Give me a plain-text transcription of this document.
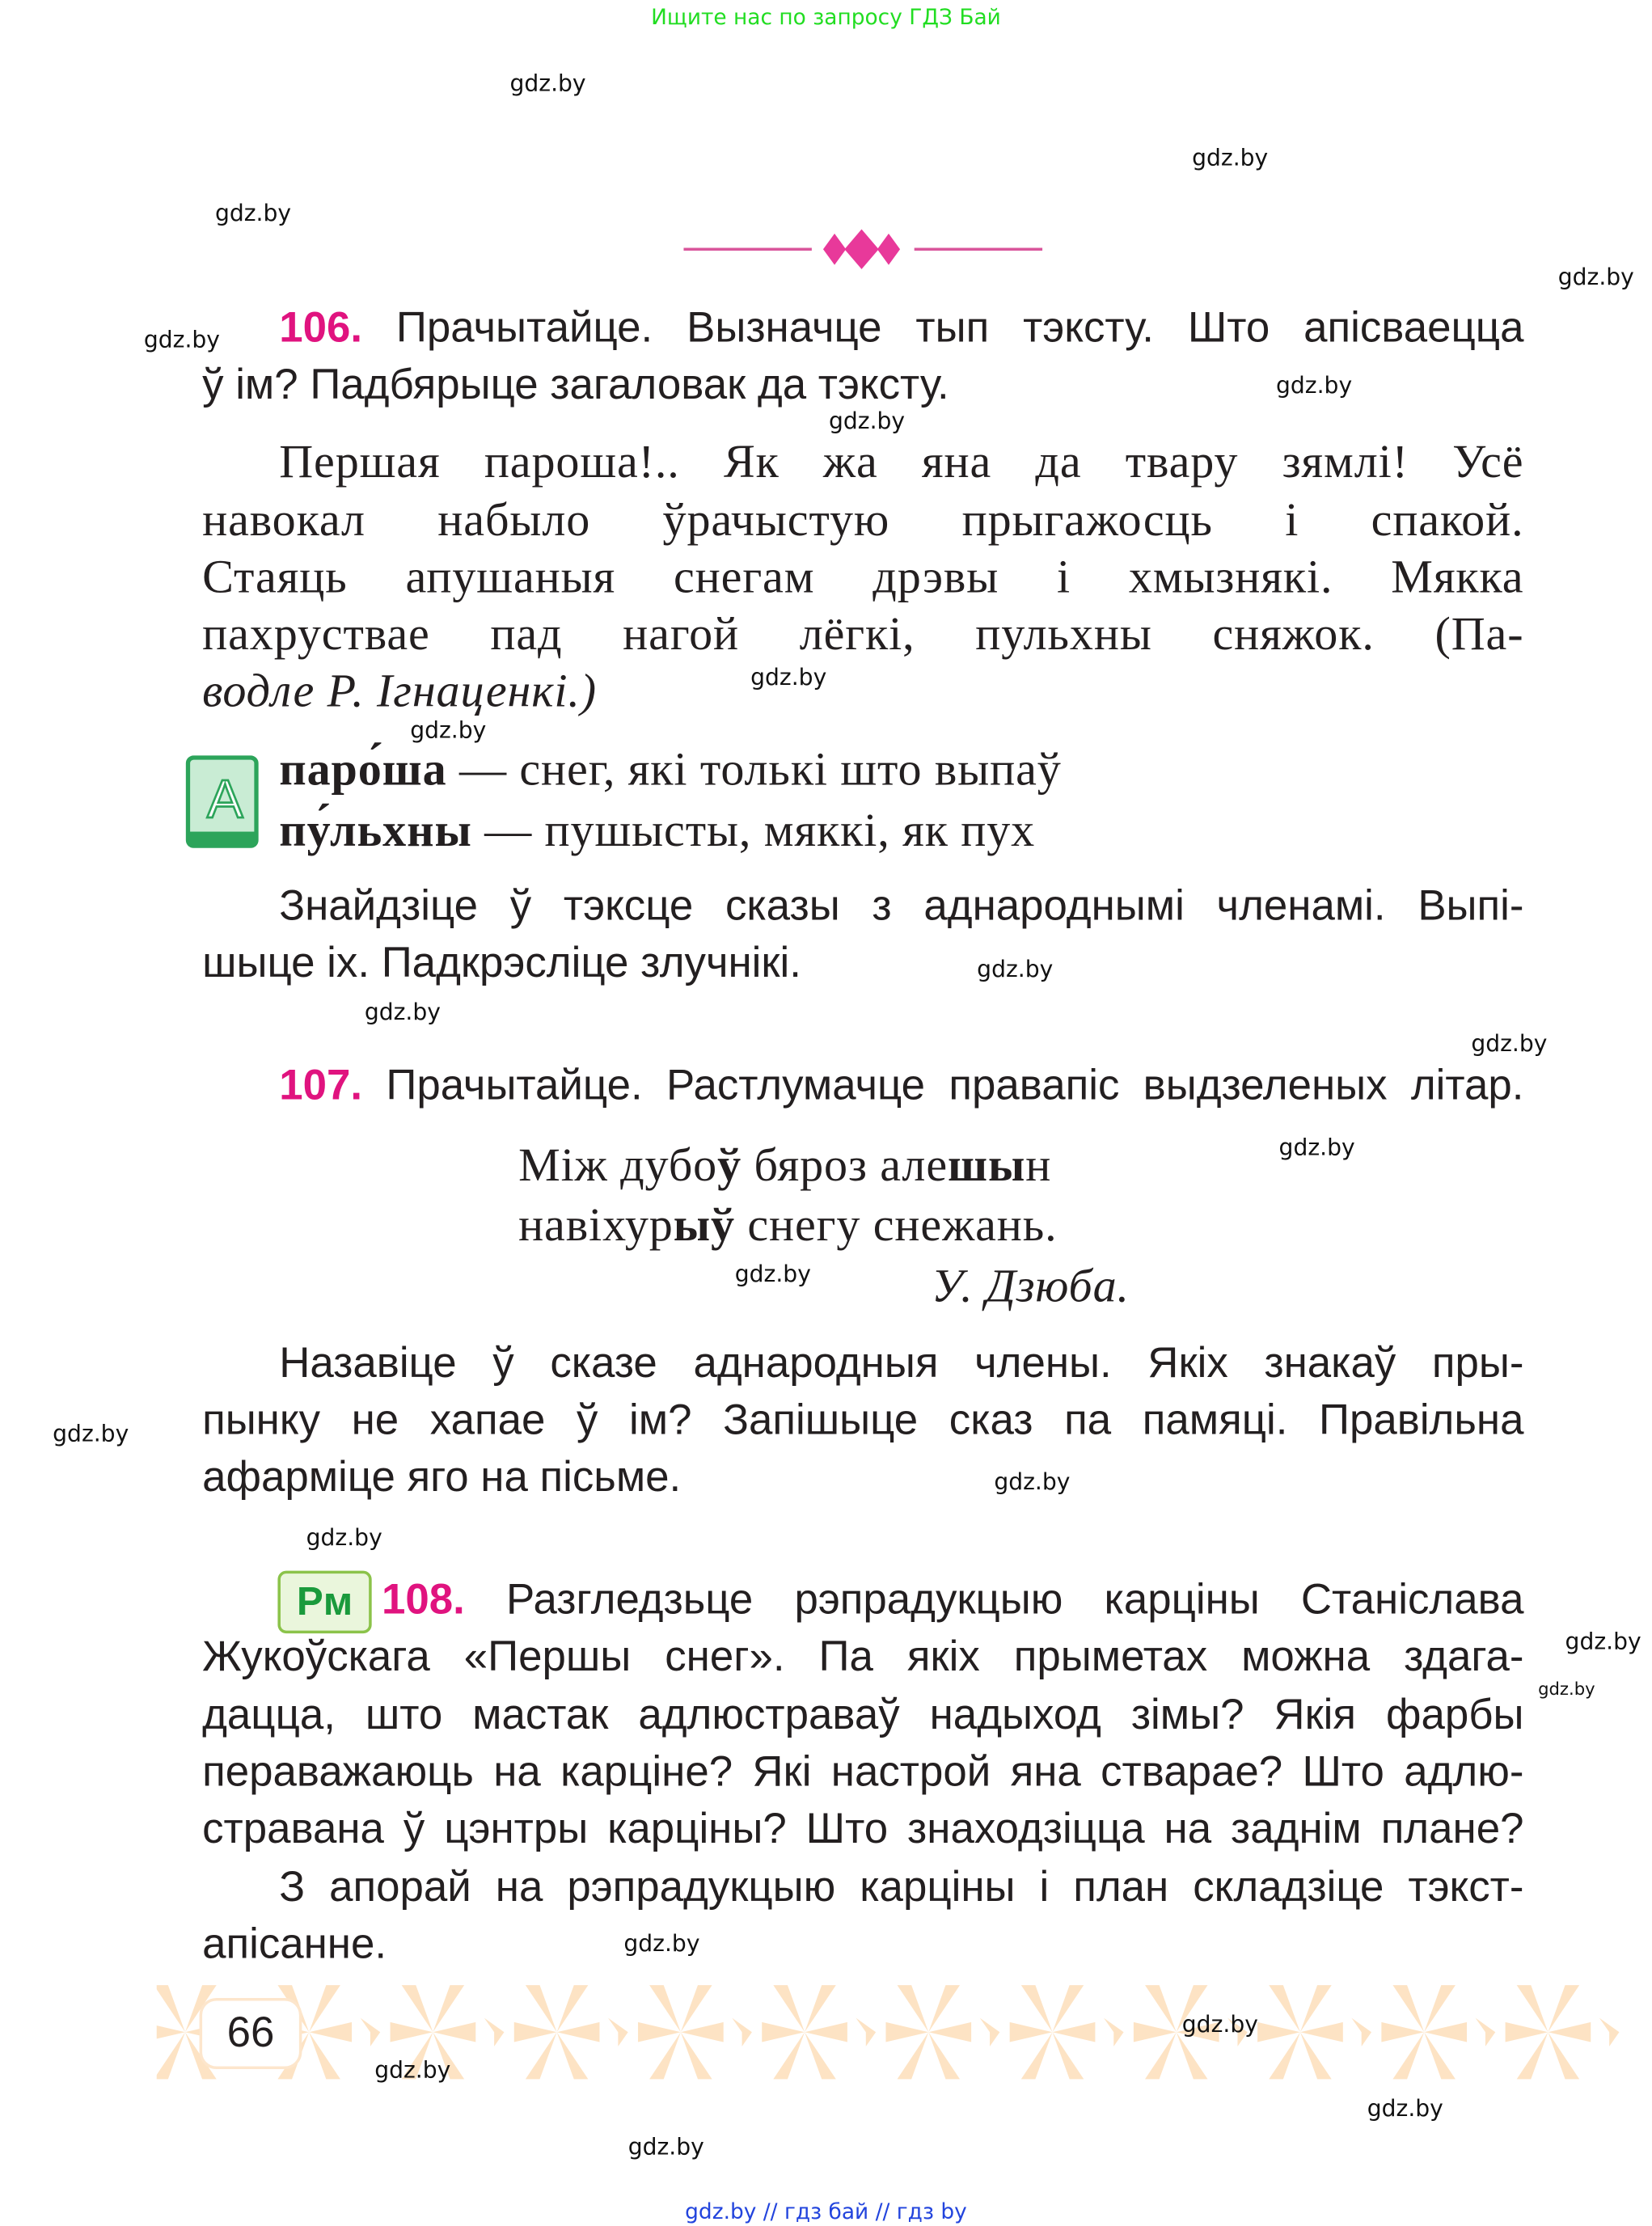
Ищите нас по запросу ГДЗ Бай
106. Прачытайце. Вызначце тып тэксту. Што апісваецца
ў ім? Падбярыце загаловак да тэксту.
Першая пароша!.. Як жа яна да твару зямлі! Усё
навокал набыло ўрачыстую прыгажосць і спакой.
Стаяць апушаныя снегам дрэвы і хмызнякі. Мякка
пахруствае пад нагой лёгкі, пульхны сняжок. (Па-
водле Р. Ігнаценкі.)
А паро́ша — снег, які толькі што выпаў
пу́льхны — пушысты, мяккі, як пух
Знайдзіце ў тэксце сказы з аднароднымі членамі. Выпі-
шыце іх. Падкрэсліце злучнікі.
107. Прачытайце. Растлумачце правапіс выдзеленых літар.
Між дубоў бяроз алешын
навіхурыў снегу снежань.
У. Дзюба.
Назавіце ў сказе аднародныя члены. Якіх знакаў пры-
пынку не хапае ў ім? Запішыце сказ па памяці. Правільна
афарміце яго на пісьме.
Рм	108. Разгледзьце рэпрадукцыю карціны Станіслава
Жукоўскага «Першы снег». Па якіх прыметах можна здага-
дацца, што мастак адлюстраваў надыход зімы? Якія фарбы
пераважаюць на карціне? Які настрой яна стварае? Што адлю-
стравана ў цэнтры карціны? Што знаходзіцца на заднім плане?
З апорай на рэпрадукцыю карціны і план складзіце тэкст-
апісанне.
66
gdz.by
gdz.by
gdz.by
gdz.by
gdz.by
gdz.by
gdz.by
gdz.by
gdz.by
gdz.by
gdz.by
gdz.by
gdz.by
gdz.by
gdz.by
gdz.by
gdz.by
gdz.by
gdz.by
gdz.by
gdz.by
gdz.by
gdz.by
gdz.by
gdz.by // гдз бай // гдз by
